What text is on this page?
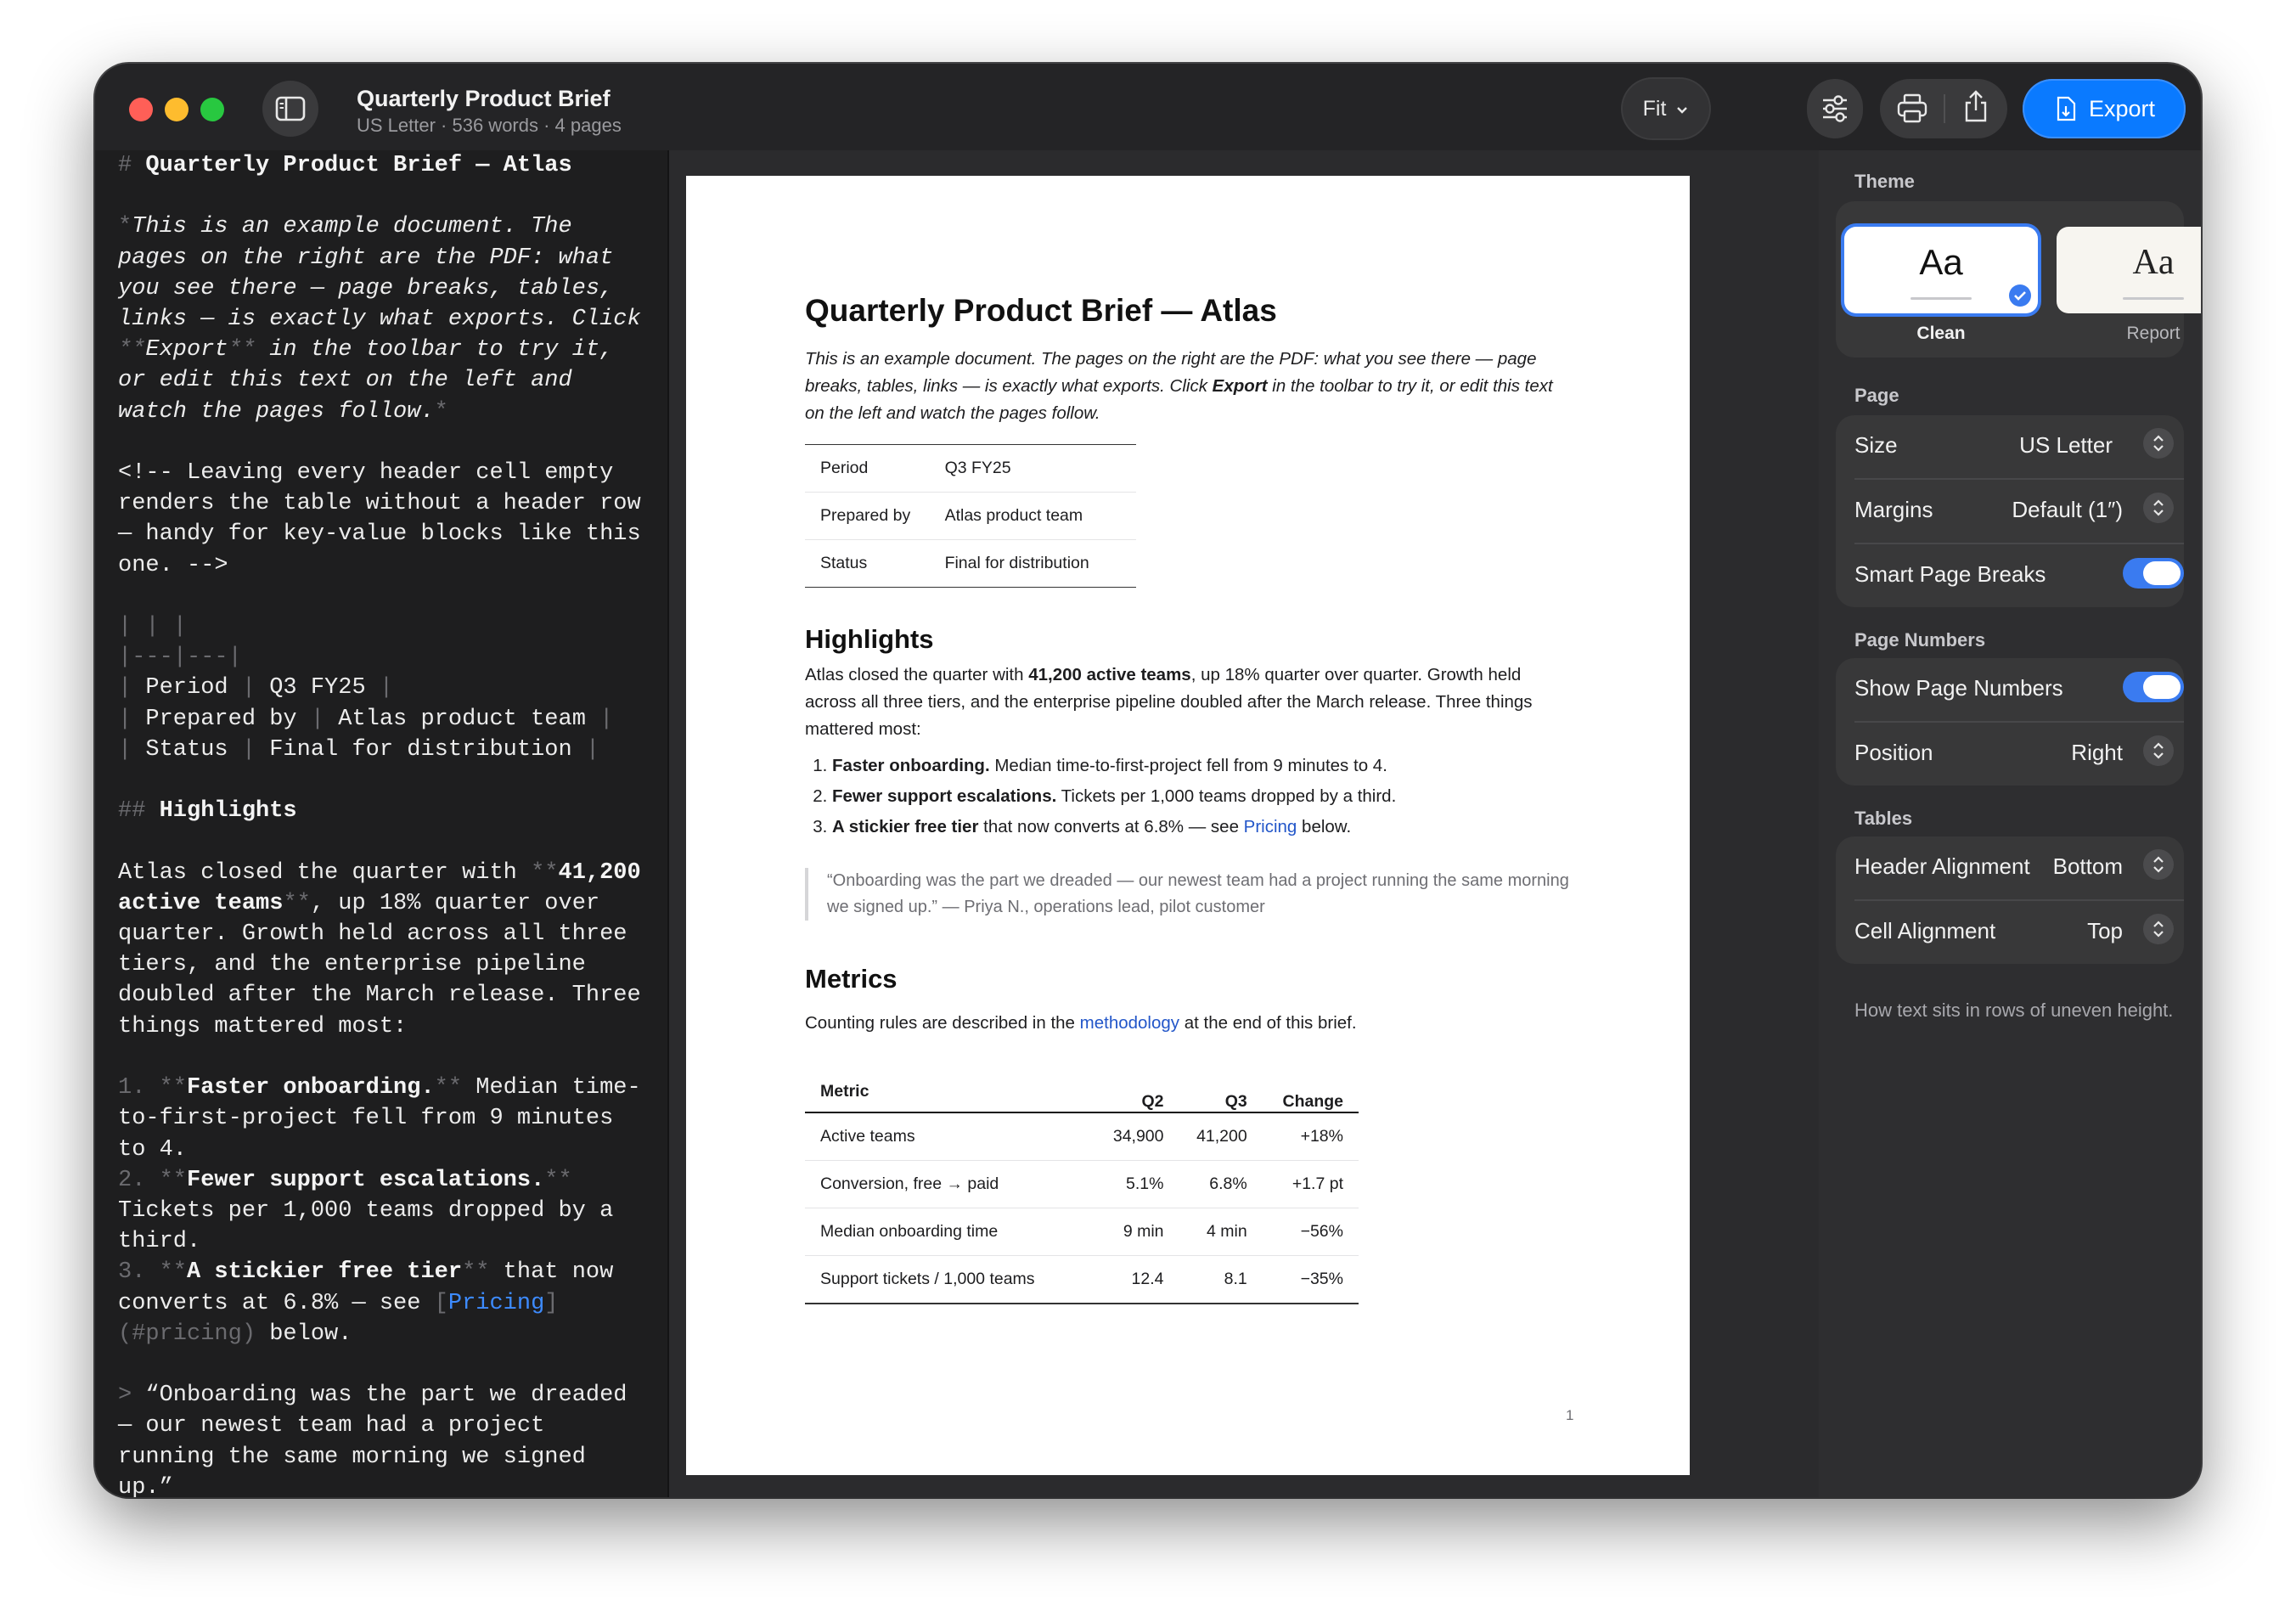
Quarterly Product Brief
US Letter · 536 words · 4 pages
Fit
# Quarterly Product Brief — Atlas

*This is an example document. The
pages on the right are the PDF: what
you see there — page breaks, tables,
links — is exactly what exports. Click
**Export** in the toolbar to try it,
or edit this text on the left and
watch the pages follow.*

<!-- Leaving every header cell empty
renders the table without a header row
— handy for key-value blocks like this
one. -->

| | |
|---|---|
| Period | Q3 FY25 |
| Prepared by | Atlas product team |
| Status | Final for distribution |

## Highlights

Atlas closed the quarter with **41,200
active teams**, up 18% quarter over
quarter. Growth held across all three
tiers, and the enterprise pipeline
doubled after the March release. Three
things mattered most:

1. **Faster onboarding.** Median time-
to-first-project fell from 9 minutes
to 4.
2. **Fewer support escalations.**
Tickets per 1,000 teams dropped by a
third.
3. **A stickier free tier** that now
converts at 6.8% — see [Pricing]
(#pricing) below.

> “Onboarding was the part we dreaded
— our newest team had a project
running the same morning we signed
up.”
Quarterly Product Brief — Atlas
This is an example document. The pages on the right are the PDF: what you see there — page breaks, tables, links — is exactly what exports. Click Export in the toolbar to try it, or edit this text on the left and watch the pages follow.
Period	Q3 FY25
Prepared by	Atlas product team
Status	Final for distribution
Highlights
Atlas closed the quarter with 41,200 active teams, up 18% quarter over quarter. Growth held across all three tiers, and the enterprise pipeline doubled after the March release. Three things mattered most:
1. Faster onboarding. Median time-to-first-project fell from 9 minutes to 4.
2. Fewer support escalations. Tickets per 1,000 teams dropped by a third.
3. A stickier free tier that now converts at 6.8% — see Pricing below.
“Onboarding was the part we dreaded — our newest team had a project running the same morning we signed up.” — Priya N., operations lead, pilot customer
Metrics
Counting rules are described in the methodology at the end of this brief.
Metric	Q2	Q3	Change
Active teams	34,900	41,200	+18%
Conversion, free → paid	5.1%	6.8%	+1.7 pt
Median onboarding time	9 min	4 min	−56%
Support tickets / 1,000 teams	12.4	8.1	−35%
1
Export
Theme
Aa
Clean
Aa
Report
Page
Size	US Letter
Margins	Default (1″)
Smart Page Breaks
Page Numbers
Show Page Numbers
Position	Right
Tables
Header Alignment Bottom
Cell Alignment	Top
How text sits in rows of uneven height.
